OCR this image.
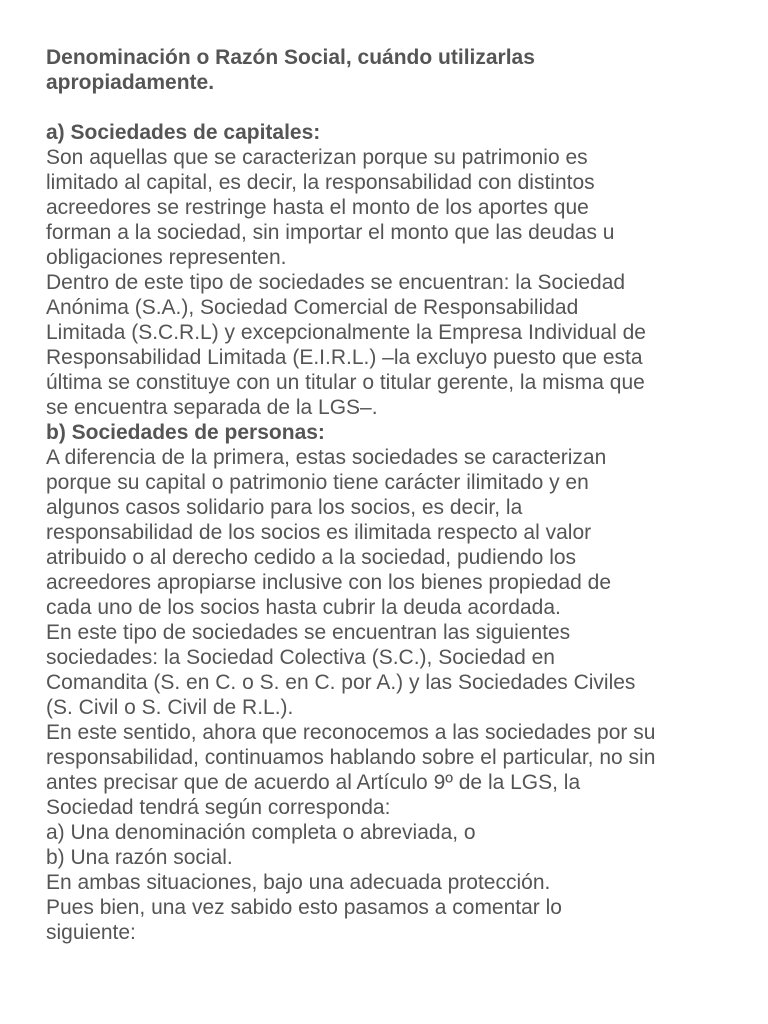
Denominación o Razón Social, cuándo utilizarlas

apropiadamente.

a) Sociedades de capitales:

Son aquellas que se caracterizan porque su patrimonio es

limitado al capital, es decir, la responsabilidad con distintos

acreedores se restringe hasta el monto de los aportes que

forman a la sociedad, sin importar el monto que las deudas u

obligaciones representen.

Dentro de este tipo de sociedades se encuentran: la Sociedad

Anónima (S.A.), Sociedad Comercial de Responsabilidad

Limitada (S.C.R.L) y excepcionalmente la Empresa Individual de

Responsabilidad Limitada (E.I.R.L.) –la excluyo puesto que esta

última se constituye con un titular o titular gerente, la misma que

se encuentra separada de la LGS–.

b) Sociedades de personas:

A diferencia de la primera, estas sociedades se caracterizan

porque su capital o patrimonio tiene carácter ilimitado y en

algunos casos solidario para los socios, es decir, la

responsabilidad de los socios es ilimitada respecto al valor

atribuido o al derecho cedido a la sociedad, pudiendo los

acreedores apropiarse inclusive con los bienes propiedad de

cada uno de los socios hasta cubrir la deuda acordada.

En este tipo de sociedades se encuentran las siguientes

sociedades: la Sociedad Colectiva (S.C.), Sociedad en

Comandita (S. en C. o S. en C. por A.) y las Sociedades Civiles

(S. Civil o S. Civil de R.L.).

En este sentido, ahora que reconocemos a las sociedades por su

responsabilidad, continuamos hablando sobre el particular, no sin

antes precisar que de acuerdo al Artículo 9º de la LGS, la

Sociedad tendrá según corresponda:

a) Una denominación completa o abreviada, o

b) Una razón social.

En ambas situaciones, bajo una adecuada protección.

Pues bien, una vez sabido esto pasamos a comentar lo

siguiente:
